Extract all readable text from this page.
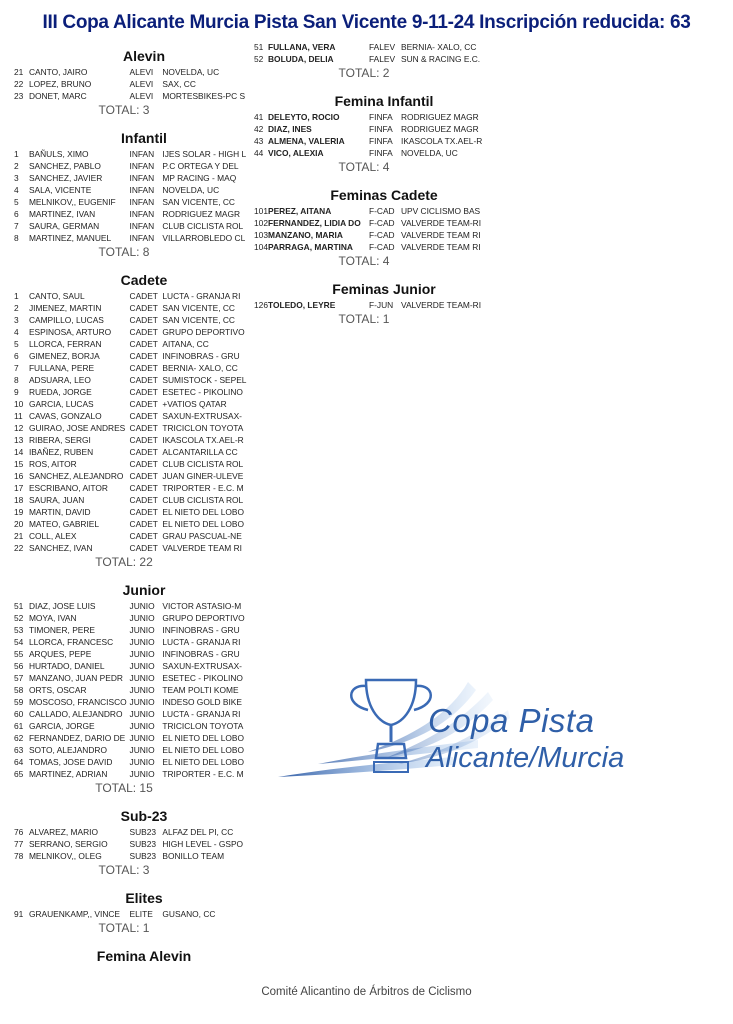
III Copa Alicante Murcia Pista San Vicente 9-11-24 Inscripción reducida: 63
Alevin
21 CANTO, JAIRO	ALEVI	NOVELDA, UC
22 LOPEZ, BRUNO	ALEVI	SAX, CC
23 DONET, MARC	ALEVI	MORTESBIKES-PC S
TOTAL: 3
Infantil
1	BAÑULS, XIMO	INFAN IJES SOLAR - HIGH L
2	SANCHEZ, PABLO	INFAN P.C ORTEGA Y DEL
3	SANCHEZ, JAVIER	INFAN MP RACING - MAQ
4	SALA, VICENTE	INFAN NOVELDA, UC
5	MELNIKOV,, EUGENIF	INFAN SAN VICENTE, CC
6	MARTINEZ, IVAN	INFAN RODRIGUEZ MAGR
7	SAURA, GERMAN	INFAN CLUB CICLISTA ROL
8	MARTINEZ, MANUEL	INFAN VILLARROBLEDO CL
TOTAL: 8
Cadete
1	CANTO, SAUL	CADET LUCTA - GRANJA RI
2	JIMENEZ, MARTIN	CADET SAN VICENTE, CC
3	CAMPILLO, LUCAS	CADET SAN VICENTE, CC
4	ESPINOSA, ARTURO	CADET GRUPO DEPORTIVO
5	LLORCA, FERRAN	CADET AITANA, CC
6	GIMENEZ, BORJA	CADET INFINOBRAS - GRU
7	FULLANA, PERE	CADET BERNIA- XALO, CC
8	ADSUARA, LEO	CADET SUMISTOCK - SEPEL
9	RUEDA, JORGE	CADET ESETEC - PIKOLINO
10 GARCIA, LUCAS	CADET +VATIOS QATAR
11 CAVAS, GONZALO	CADET SAXUN-EXTRUSAX-
12 GUIRAO, JOSE ANDRES CADET TRICICLON TOYOTA
13 RIBERA, SERGI	CADET IKASCOLA TX.AEL-R
14 IBAÑEZ, RUBEN	CADET ALCANTARILLA CC
15 ROS, AITOR	CADET CLUB CICLISTA ROL
16 SANCHEZ, ALEJANDRO CADET JUAN GINER-ULEVE
17 ESCRIBANO, AITOR	CADET TRIPORTER - E.C. M
18 SAURA, JUAN	CADET CLUB CICLISTA ROL
19 MARTIN, DAVID	CADET EL NIETO DEL LOBO
20 MATEO, GABRIEL	CADET EL NIETO DEL LOBO
21 COLL, ALEX	CADET GRAU PASCUAL-NE
22 SANCHEZ, IVAN	CADET VALVERDE TEAM RI
TOTAL: 22
Junior
51 DIAZ, JOSE LUIS	JUNIO VICTOR ASTASIO-M
52 MOYA, IVAN	JUNIO GRUPO DEPORTIVO
53 TIMONER, PERE	JUNIO INFINOBRAS - GRU
54 LLORCA, FRANCESC	JUNIO LUCTA - GRANJA RI
55 ARQUES, PEPE	JUNIO INFINOBRAS - GRU
56 HURTADO, DANIEL	JUNIO SAXUN-EXTRUSAX-
57 MANZANO, JUAN PEDR JUNIO ESETEC - PIKOLINO
58 ORTS, OSCAR	JUNIO TEAM POLTI KOME
59 MOSCOSO, FRANCISCO JUNIO INDESO GOLD BIKE
60 CALLADO, ALEJANDRO JUNIO LUCTA - GRANJA RI
61 GARCIA, JORGE	JUNIO TRICICLON TOYOTA
62 FERNANDEZ, DARIO DE JUNIO EL NIETO DEL LOBO
63 SOTO, ALEJANDRO	JUNIO EL NIETO DEL LOBO
64 TOMAS, JOSE DAVID	JUNIO EL NIETO DEL LOBO
65 MARTINEZ, ADRIAN	JUNIO TRIPORTER - E.C. M
TOTAL: 15
Sub-23
76 ALVAREZ, MARIO	SUB23 ALFAZ DEL PI, CC
77 SERRANO, SERGIO	SUB23 HIGH LEVEL - GSPO
78 MELNIKOV,, OLEG	SUB23 BONILLO TEAM
TOTAL: 3
Elites
91 GRAUENKAMP,, VINCE	ELITE	GUSANO, CC
TOTAL: 1
Femina Alevin
51 FULLANA, VERA	FALEV BERNIA- XALO, CC
52 BOLUDA, DELIA	FALEV SUN & RACING E.C.
TOTAL: 2
Femina Infantil
41 DELEYTO, ROCIO	FINFA RODRIGUEZ MAGR
42 DIAZ, INES	FINFA RODRIGUEZ MAGR
43 ALMENA, VALERIA	FINFA IKASCOLA TX.AEL-R
44 VICO, ALEXIA	FINFA NOVELDA, UC
TOTAL: 4
Feminas Cadete
101 PEREZ, AITANA	F-CAD UPV CICLISMO BAS
102 FERNANDEZ, LIDIA DO F-CAD VALVERDE TEAM-RI
103 MANZANO, MARIA	F-CAD VALVERDE TEAM RI
104 PARRAGA, MARTINA	F-CAD VALVERDE TEAM RI
TOTAL: 4
Feminas Junior
126 TOLEDO, LEYRE	F-JUN VALVERDE TEAM-RI
TOTAL: 1
Copa Pista
Alicante/Murcia
Comité Alicantino de Árbitros de Ciclismo
